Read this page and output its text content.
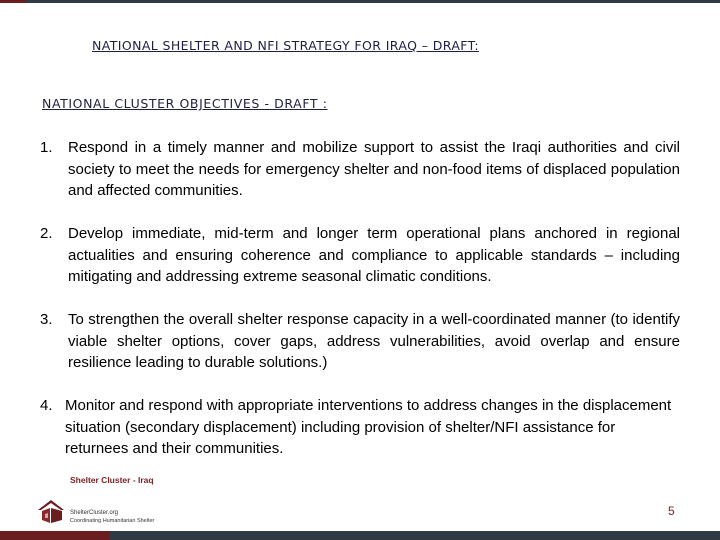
NATIONAL SHELTER AND NFI STRATEGY FOR IRAQ – DRAFT:
NATIONAL CLUSTER OBJECTIVES - DRAFT :
1. Respond in a timely manner and mobilize support to assist the Iraqi authorities and civil society to meet the needs for emergency shelter and non-food items of displaced population and affected communities.
2. Develop immediate, mid-term and longer term operational plans anchored in regional actualities and ensuring coherence and compliance to applicable standards – including mitigating and addressing extreme seasonal climatic conditions.
3. To strengthen the overall shelter response capacity in a well-coordinated manner (to identify viable shelter options, cover gaps, address vulnerabilities, avoid overlap and ensure resilience leading to durable solutions.)
4. Monitor and respond with appropriate interventions to address changes in the displacement situation (secondary displacement) including provision of shelter/NFI assistance for returnees and their communities.
Shelter Cluster - Iraq
ShelterCluster.org
Coordinating Humanitarian Shelter
5
